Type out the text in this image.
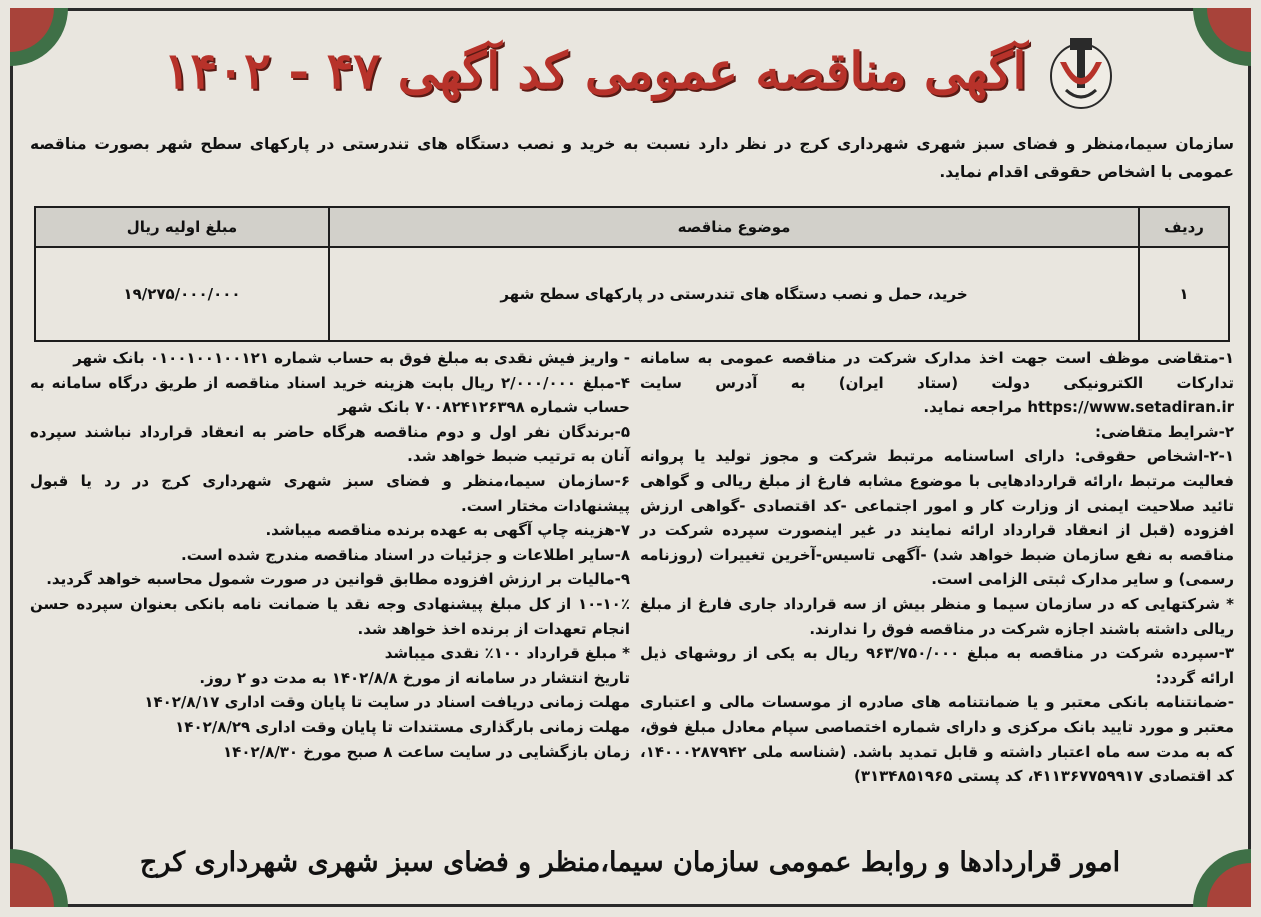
آگهی مناقصه عمومی کد آگهی ۴۷ - ۱۴۰۲
سازمان سیما،منظر و فضای سبز شهری شهرداری کرج در نظر دارد نسبت به خرید و نصب دستگاه های تندرستی در پارکهای سطح شهر بصورت مناقصه عمومی با اشخاص حقوقی اقدام نماید.
ردیف	موضوع مناقصه	مبلغ اولیه ریال
۱	خرید، حمل و نصب دستگاه های تندرستی در پارکهای سطح شهر	۱۹/۲۷۵/۰۰۰/۰۰۰

۱-متقاضی موظف است جهت اخذ مدارک شرکت در مناقصه عمومی به سامانه تدارکات الکترونیکی دولت (ستاد ایران) به آدرس سایت https://www.setadiran.ir مراجعه نماید.

۲-شرایط متقاضی:

۲-۱-اشخاص حقوقی: دارای اساسنامه مرتبط شرکت و مجوز تولید یا پروانه فعالیت مرتبط ،ارائه قراردادهایی با موضوع مشابه فارغ از مبلغ ریالی و گواهی تائید صلاحیت ایمنی از وزارت کار و امور اجتماعی -کد اقتصادی -گواهی ارزش افزوده (قبل از انعقاد قرارداد ارائه نمایند در غیر اینصورت سپرده شرکت در مناقصه به نفع سازمان ضبط خواهد شد) -آگهی تاسیس-آخرین تغییرات (روزنامه رسمی) و سایر مدارک ثبتی الزامی است.

* شرکتهایی که در سازمان سیما و منظر بیش از سه قرارداد جاری فارغ از مبلغ ریالی داشته باشند اجازه شرکت در مناقصه فوق را ندارند.

۳-سپرده شرکت در مناقصه به مبلغ ۹۶۳/۷۵۰/۰۰۰ ریال به یکی از روشهای ذیل ارائه گردد:

-ضمانتنامه بانکی معتبر و یا ضمانتنامه های صادره از موسسات مالی و اعتباری معتبر و مورد تایید بانک مرکزی و دارای شماره اختصاصی سپام معادل مبلغ فوق، که به مدت سه ماه اعتبار داشته و قابل تمدید باشد. (شناسه ملی ۱۴۰۰۰۲۸۷۹۴۲، کد اقتصادی ۴۱۱۳۶۷۷۵۹۹۱۷، کد پستی ۳۱۳۴۸۵۱۹۶۵)

- واریز فیش نقدی به مبلغ فوق به حساب شماره ۰۱۰۰۱۰۰۱۰۰۱۲۱ بانک شهر

۴-مبلغ ۲/۰۰۰/۰۰۰ ریال بابت هزینه خرید اسناد مناقصه از طریق درگاه سامانه به حساب شماره ۷۰۰۸۲۴۱۲۶۳۹۸ بانک شهر

۵-برندگان نفر اول و دوم مناقصه هرگاه حاضر به انعقاد قرارداد نباشند سپرده آنان به ترتیب ضبط خواهد شد.

۶-سازمان سیما،منظر و فضای سبز شهری شهرداری کرج در رد یا قبول پیشنهادات مختار است.

۷-هزینه چاپ آگهی به عهده برنده مناقصه میباشد.

۸-سایر اطلاعات و جزئیات در اسناد مناقصه مندرج شده است.

۹-مالیات بر ارزش افزوده مطابق قوانین در صورت شمول محاسبه خواهد گردید.

۱۰-۱۰٪ از کل مبلغ پیشنهادی وجه نقد یا ضمانت نامه بانکی بعنوان سپرده حسن انجام تعهدات از برنده اخذ خواهد شد.

* مبلغ قرارداد ۱۰۰٪ نقدی میباشد

تاریخ انتشار در سامانه از مورخ ۱۴۰۲/۸/۸ به مدت دو ۲ روز.

مهلت زمانی دریافت اسناد در سایت تا پایان وقت اداری ۱۴۰۲/۸/۱۷

مهلت زمانی بارگذاری مستندات تا پایان وقت اداری ۱۴۰۲/۸/۲۹

زمان بازگشایی در سایت ساعت ۸ صبح مورخ ۱۴۰۲/۸/۳۰

امور قراردادها و روابط عمومی سازمان سیما،منظر و فضای سبز شهری شهرداری کرج
